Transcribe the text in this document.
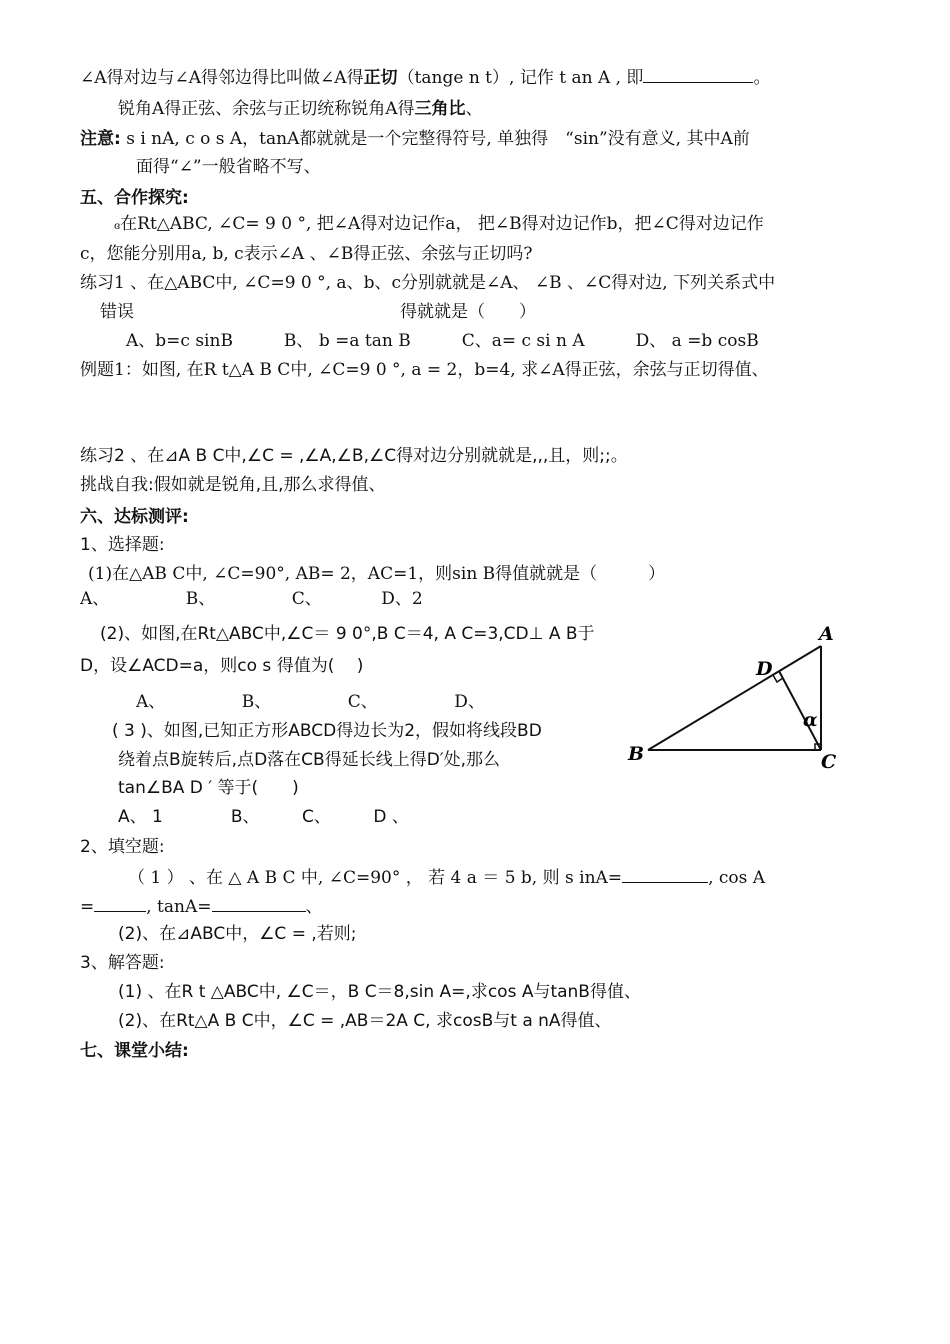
∠A得对边与∠A得邻边得比叫做∠A得正切（tange n t）, 记作 t an A , 即	。
锐角A得正弦、余弦与正切统称锐角A得三角比、
注意: s i nA, c o s A，tanA都就就是一个完整得符号, 单独得　“sin”没有意义, 其中A前
面得“∠”一般省略不写、
五、合作探究:
ɞ在Rt△ABC, ∠C= 9 0 °, 把∠A得对边记作a， 把∠B得对边记作b，把∠C得对边记作
c，您能分别用a, b, c表示∠A 、∠B得正弦、余弦与正切吗?
练习1 、在△ABC中, ∠C=9 0 °, a、b、c分别就就是∠A、 ∠B 、∠C得对边, 下列关系式中
错误	得就就是（　　）
A、b=c sinB　　　B、 b =a tan B　　　C、a= c si n A　　　D、 a =b cosB
例题1：如图, 在R t△A B C中, ∠C=9 0 °, a = 2，b=4, 求∠A得正弦，余弦与正切得值、
练习2 、在⊿A B C中,∠C = ,∠A,∠B,∠C得对边分别就就是,,,且，则;;。
挑战自我:假如就是锐角,且,那么求得值、
六、达标测评:
1、选择题:
(1)在△AB C中, ∠C=90°, AB= 2，AC=1，则sin B得值就就是（　　　）
A、　　　　　B、　　　　　C、　　　　D、2
(2)、如图,在Rt△ABC中,∠C＝ 9 0°,B C＝4, A C=3,CD⊥ A B于
D，设∠ACD=a，则co s 得值为(　 )
A、　　　　　B、　　　　　C、　　　　　D、
( 3 )、如图,已知正方形ABCD得边长为2，假如将线段BD
绕着点B旋转后,点D落在CB得延长线上得D′处,那么
tan∠BA D ′ 等于(　　)
A、 1　　　　B、　　　C、　　　D 、
2、填空题:
（ 1 ） 、在 △ A B C 中, ∠C=90° ， 若 4 a ＝ 5 b, 则 s inA=	, cos A
=	, tanA=	、
(2)、在⊿ABC中，∠C = ,若则;
3、解答题:
(1) 、在R t △ABC中, ∠C＝，B C＝8,sin A=,求cos A与tanB得值、
(2)、在Rt△A B C中，∠C = ,AB＝2A C, 求cosB与t a nA得值、
七、课堂小结:
A
B	C
D
α
